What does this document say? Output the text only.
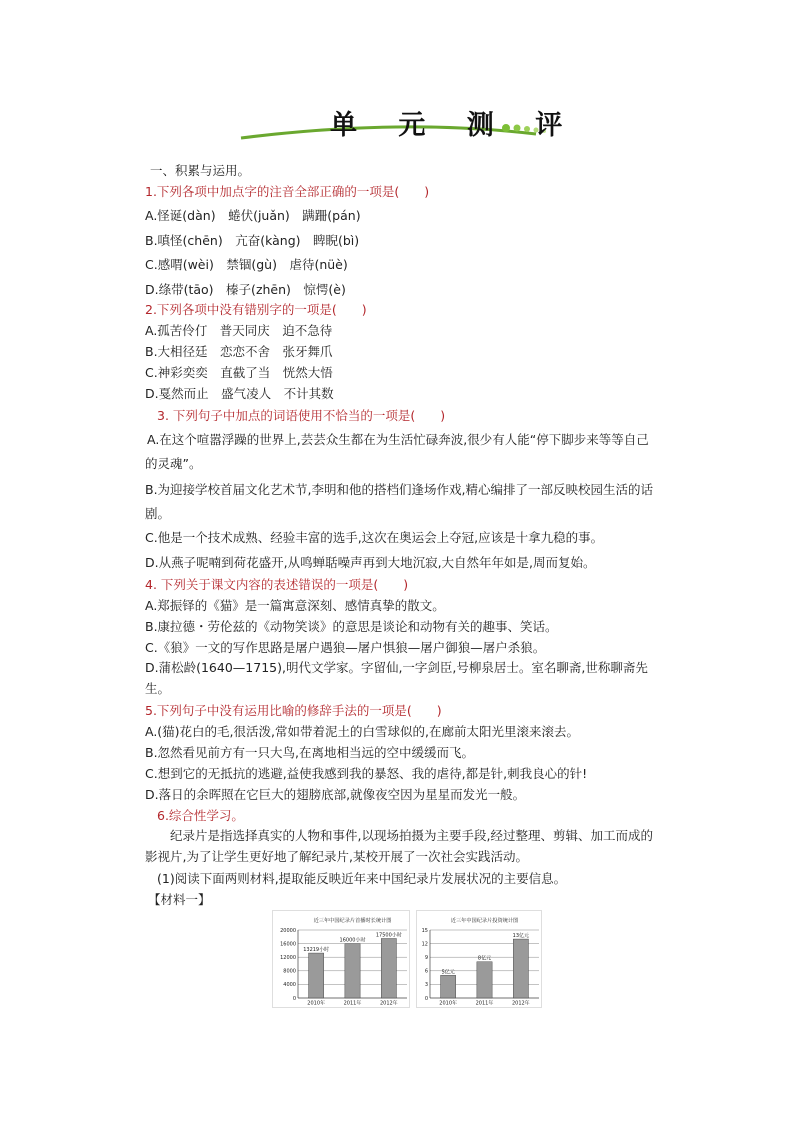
单 元 测 评
一、积累与运用。
1.下列各项中加点字的注音全部正确的一项是(　　)
A.怪诞(dàn)　蜷伏(juǎn)　蹒跚(pán)
B.嗔怪(chēn)　亢奋(kàng)　睥睨(bì)
C.感喟(wèi)　禁锢(gù)　虐待(nüè)
D.绦带(tāo)　榛子(zhēn)　惊愕(è)
2.下列各项中没有错别字的一项是(　　)
A.孤苦伶仃　普天同庆　迫不急待
B.大相径廷　恋恋不舍　张牙舞爪
C.神彩奕奕　直截了当　恍然大悟
D.戛然而止　盛气凌人　不计其数
3. 下列句子中加点的词语使用不恰当的一项是(　　)
A.在这个喧嚣浮躁的世界上,芸芸众生都在为生活忙碌奔波,很少有人能“停下脚步来等等自己的灵魂”。
B.为迎接学校首届文化艺术节,李明和他的搭档们逢场作戏,精心编排了一部反映校园生活的话剧。
C.他是一个技术成熟、经验丰富的选手,这次在奥运会上夺冠,应该是十拿九稳的事。
D.从燕子呢喃到荷花盛开,从鸣蝉聒噪声再到大地沉寂,大自然年年如是,周而复始。
4. 下列关于课文内容的表述错误的一项是(　　)
A.郑振铎的《猫》是一篇寓意深刻、感情真挚的散文。
B.康拉德・劳伦兹的《动物笑谈》的意思是谈论和动物有关的趣事、笑话。
C.《狼》一文的写作思路是屠户遇狼—屠户惧狼—屠户御狼—屠户杀狼。
D.蒲松龄(1640—1715),明代文学家。字留仙,一字剑臣,号柳泉居士。室名聊斋,世称聊斋先生。
5.下列句子中没有运用比喻的修辞手法的一项是(　　)
A.(猫)花白的毛,很活泼,常如带着泥土的白雪球似的,在廊前太阳光里滚来滚去。
B.忽然看见前方有一只大鸟,在离地相当远的空中缓缓而飞。
C.想到它的无抵抗的逃避,益使我感到我的暴怒、我的虐待,都是针,刺我良心的针!
D.落日的余晖照在它巨大的翅膀底部,就像夜空因为星星而发光一般。
6.综合性学习。
纪录片是指选择真实的人物和事件,以现场拍摄为主要手段,经过整理、剪辑、加工而成的影视片,为了让学生更好地了解纪录片,某校开展了一次社会实践活动。
(1)阅读下面两则材料,提取能反映近年来中国纪录片发展状况的主要信息。
【材料一】
近三年中国纪录片首播时长统计图
0
4000
8000
12000
16000
20000
13219小时
2010年
16000小时
2011年
17500小时
2012年
近三年中国纪录片投资统计图
0
3
6
9
12
15
5亿元
2010年
8亿元
2011年
13亿元
2012年
